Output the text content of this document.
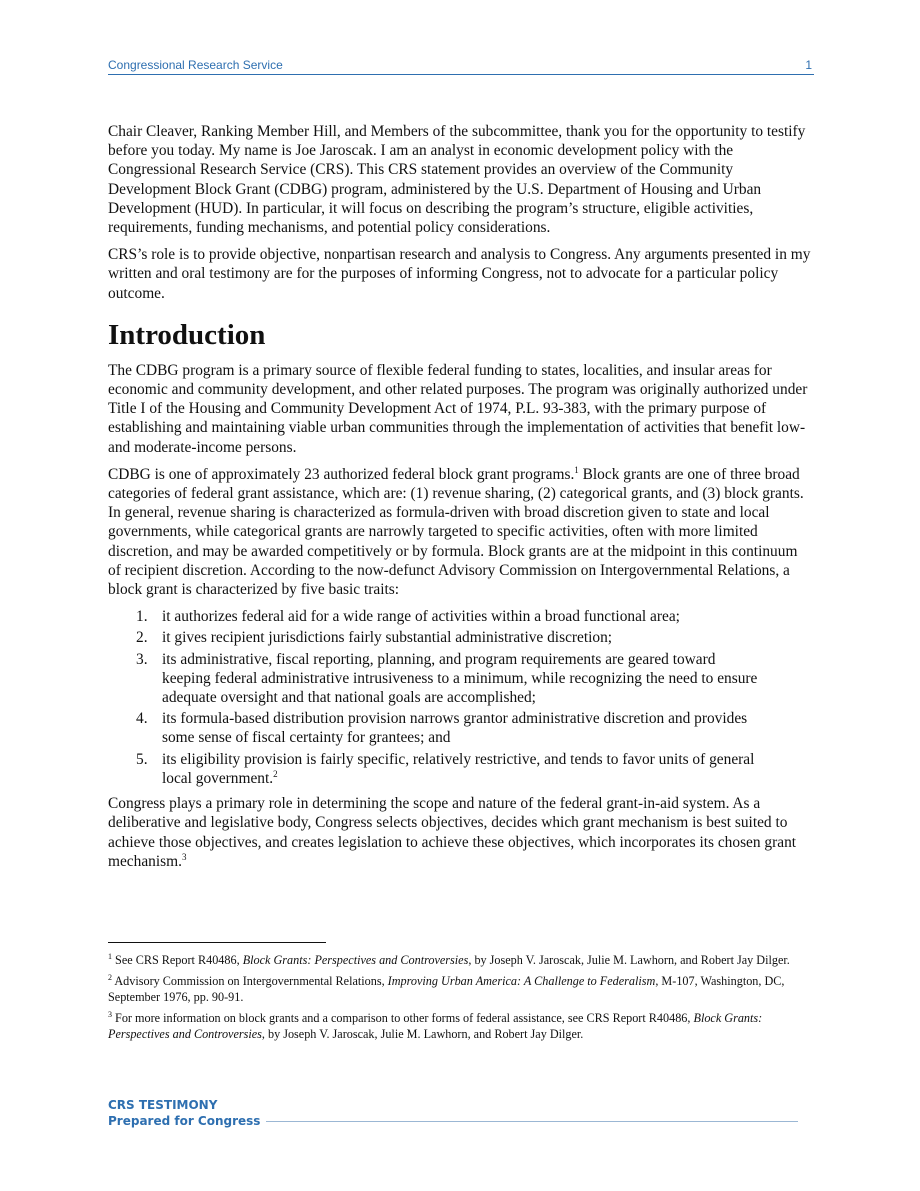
Congressional Research Service	1

Chair Cleaver, Ranking Member Hill, and Members of the subcommittee, thank you for the opportunity to testify before you today. My name is Joe Jaroscak. I am an analyst in economic development policy with the Congressional Research Service (CRS). This CRS statement provides an overview of the Community Development Block Grant (CDBG) program, administered by the U.S. Department of Housing and Urban Development (HUD). In particular, it will focus on describing the program’s structure, eligible activities, requirements, funding mechanisms, and potential policy considerations.

CRS’s role is to provide objective, nonpartisan research and analysis to Congress. Any arguments presented in my written and oral testimony are for the purposes of informing Congress, not to advocate for a particular policy outcome.

Introduction

The CDBG program is a primary source of flexible federal funding to states, localities, and insular areas for economic and community development, and other related purposes. The program was originally authorized under Title I of the Housing and Community Development Act of 1974, P.L. 93-383, with the primary purpose of establishing and maintaining viable urban communities through the implementation of activities that benefit low- and moderate-income persons.

CDBG is one of approximately 23 authorized federal block grant programs.$^1$ Block grants are one of three broad categories of federal grant assistance, which are: (1) revenue sharing, (2) categorical grants, and (3) block grants. In general, revenue sharing is characterized as formula-driven with broad discretion given to state and local governments, while categorical grants are narrowly targeted to specific activities, often with more limited discretion, and may be awarded competitively or by formula. Block grants are at the midpoint in this continuum of recipient discretion. According to the now-defunct Advisory Commission on Intergovernmental Relations, a block grant is characterized by five basic traits:

1. it authorizes federal aid for a wide range of activities within a broad functional area;
2. it gives recipient jurisdictions fairly substantial administrative discretion;
3. its administrative, fiscal reporting, planning, and program requirements are geared toward keeping federal administrative intrusiveness to a minimum, while recognizing the need to ensure adequate oversight and that national goals are accomplished;
4. its formula-based distribution provision narrows grantor administrative discretion and provides some sense of fiscal certainty for grantees; and
5. its eligibility provision is fairly specific, relatively restrictive, and tends to favor units of general local government.$^2$

Congress plays a primary role in determining the scope and nature of the federal grant-in-aid system. As a deliberative and legislative body, Congress selects objectives, decides which grant mechanism is best suited to achieve those objectives, and creates legislation to achieve these objectives, which incorporates its chosen grant mechanism.$^3$

$^1$ See CRS Report R40486, Block Grants: Perspectives and Controversies, by Joseph V. Jaroscak, Julie M. Lawhorn, and Robert Jay Dilger.

$^2$ Advisory Commission on Intergovernmental Relations, Improving Urban America: A Challenge to Federalism, M-107, Washington, DC, September 1976, pp. 90-91.

$^3$ For more information on block grants and a comparison to other forms of federal assistance, see CRS Report R40486, Block Grants: Perspectives and Controversies, by Joseph V. Jaroscak, Julie M. Lawhorn, and Robert Jay Dilger.

CRS TESTIMONY
Prepared for Congress
